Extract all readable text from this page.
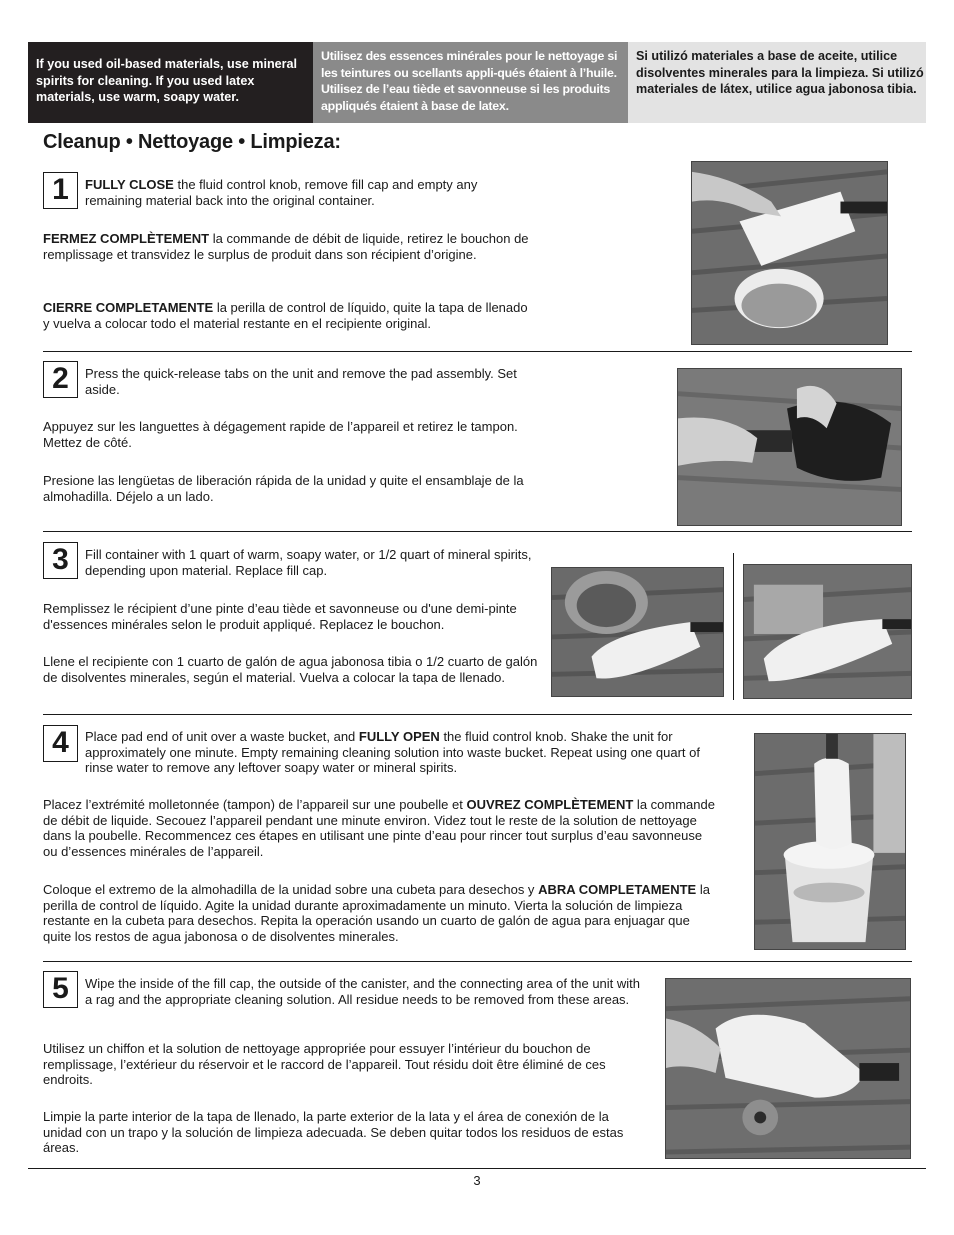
If you used oil-based materials, use mineral spirits for cleaning. If you used latex materials, use warm, soapy water.

Utilisez des essences minérales pour le nettoyage si les teintures ou scellants appli-qués étaient à l’huile. Utilisez de l’eau tiède et savonneuse si les produits appliqués étaient à base de latex.

Si utilizó materiales a base de aceite, utilice disolventes minerales para la limpieza. Si utilizó materiales de látex, utilice agua jabonosa tibia.

Cleanup • Nettoyage • Limpieza:
1	FULLY CLOSE the fluid control knob, remove fill cap and empty any remaining material back into the original container.
FERMEZ COMPLÈTEMENT la commande de débit de liquide, retirez le bouchon de remplissage et transvidez le surplus de produit dans son récipient d’origine.
CIERRE COMPLETAMENTE la perilla de control de líquido, quite la tapa de llenado y vuelva a colocar todo el material restante en el recipiente original.
2	Press the quick-release tabs on the unit and remove the pad assembly. Set aside.
Appuyez sur les languettes à dégagement rapide de l’appareil et retirez le tampon. Mettez de côté.
Presione las lengüetas de liberación rápida de la unidad y quite el ensamblaje de la almohadilla. Déjelo a un lado.
3	Fill container with 1 quart of warm, soapy water, or 1/2 quart of mineral spirits, depending upon material. Replace fill cap.
Remplissez le récipient d’une pinte d’eau tiède et savonneuse ou d'une demi-pinte d'essences minérales selon le produit appliqué. Replacez le bouchon.
Llene el recipiente con 1 cuarto de galón de agua jabonosa tibia o 1/2 cuarto de galón de disolventes minerales, según el material. Vuelva a colocar la tapa de llenado.
4	Place pad end of unit over a waste bucket, and FULLY OPEN the fluid control knob. Shake the unit for approximately one minute. Empty remaining cleaning solution into waste bucket. Repeat using one quart of rinse water to remove any leftover soapy water or mineral spirits.
Placez l’extrémité molletonnée (tampon) de l’appareil sur une poubelle et OUVREZ COMPLÈTEMENT la commande de débit de liquide. Secouez l’appareil pendant une minute environ. Videz tout le reste de la solution de nettoyage dans la poubelle. Recommencez ces étapes en utilisant une pinte d’eau pour rincer tout surplus d’eau savonneuse ou d’essences minérales de l’appareil.
Coloque el extremo de la almohadilla de la unidad sobre una cubeta para desechos y ABRA COMPLETAMENTE la perilla de control de líquido. Agite la unidad durante aproximadamente un minuto. Vierta la solución de limpieza restante en la cubeta para desechos. Repita la operación usando un cuarto de galón de agua para enjuagar que quite los restos de agua jabonosa o de disolventes minerales.
5	Wipe the inside of the fill cap, the outside of the canister, and the connecting area of the unit with a rag and the appropriate cleaning solution. All residue needs to be removed from these areas.
Utilisez un chiffon et la solution de nettoyage appropriée pour essuyer l’intérieur du bouchon de remplissage, l’extérieur du réservoir et le raccord de l’appareil. Tout résidu doit être éliminé de ces endroits.
Limpie la parte interior de la tapa de llenado, la parte exterior de la lata y el área de conexión de la unidad con un trapo y la solución de limpieza adecuada. Se deben quitar todos los residuos de estas áreas.
3
